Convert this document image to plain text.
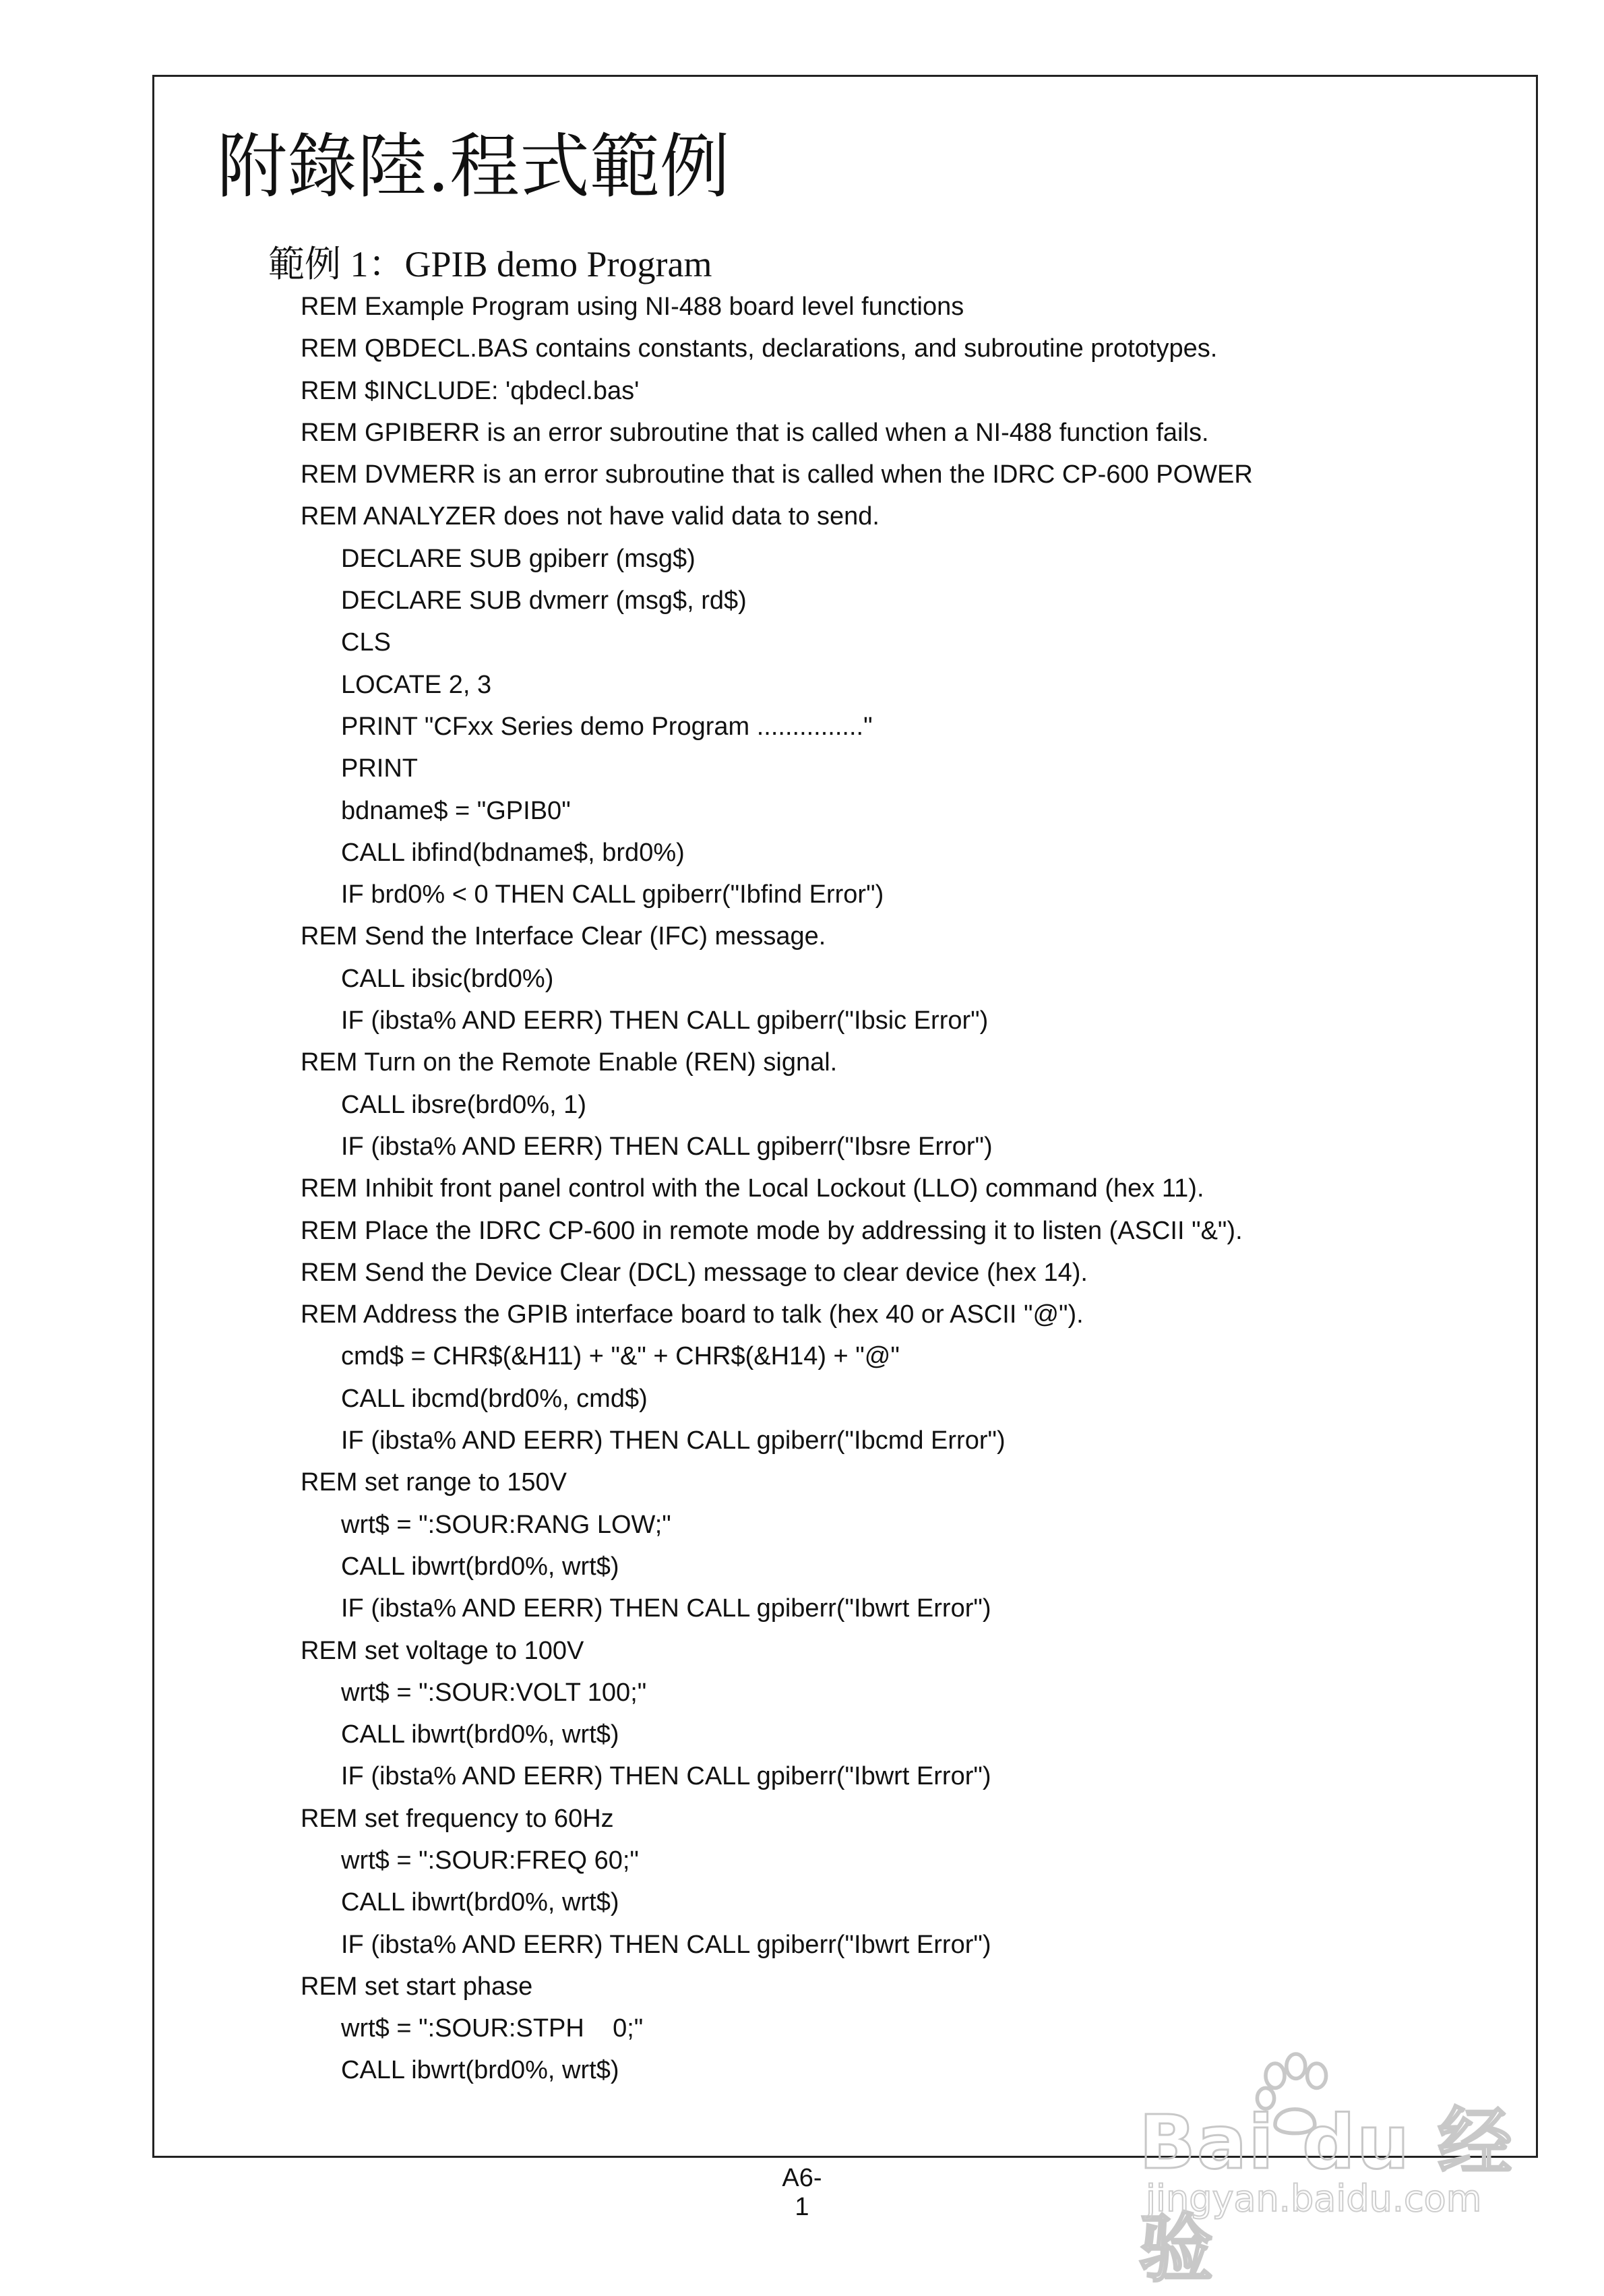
附錄陸.程式範例
範例 1：GPIB demo Program
REM Example Program using NI-488 board level functions
REM QBDECL.BAS contains constants, declarations, and subroutine prototypes.
REM $INCLUDE: 'qbdecl.bas'
REM GPIBERR is an error subroutine that is called when a NI-488 function fails.
REM DVMERR is an error subroutine that is called when the IDRC CP-600 POWER
REM ANALYZER does not have valid data to send.
DECLARE SUB gpiberr (msg$)
DECLARE SUB dvmerr (msg$, rd$)
CLS
LOCATE 2, 3
PRINT "CFxx Series demo Program ..............."
PRINT
bdname$ = "GPIB0"
CALL ibfind(bdname$, brd0%)
IF brd0% < 0 THEN CALL gpiberr("Ibfind Error")
REM Send the Interface Clear (IFC) message.
CALL ibsic(brd0%)
IF (ibsta% AND EERR) THEN CALL gpiberr("Ibsic Error")
REM Turn on the Remote Enable (REN) signal.
CALL ibsre(brd0%, 1)
IF (ibsta% AND EERR) THEN CALL gpiberr("Ibsre Error")
REM Inhibit front panel control with the Local Lockout (LLO) command (hex 11).
REM Place the IDRC CP-600 in remote mode by addressing it to listen (ASCII "&").
REM Send the Device Clear (DCL) message to clear device (hex 14).
REM Address the GPIB interface board to talk (hex 40 or ASCII "@").
cmd$ = CHR$(&H11) + "&" + CHR$(&H14) + "@"
CALL ibcmd(brd0%, cmd$)
IF (ibsta% AND EERR) THEN CALL gpiberr("Ibcmd Error")
REM set range to 150V
wrt$ = ":SOUR:RANG LOW;"
CALL ibwrt(brd0%, wrt$)
IF (ibsta% AND EERR) THEN CALL gpiberr("Ibwrt Error")
REM set voltage to 100V
wrt$ = ":SOUR:VOLT 100;"
CALL ibwrt(brd0%, wrt$)
IF (ibsta% AND EERR) THEN CALL gpiberr("Ibwrt Error")
REM set frequency to 60Hz
wrt$ = ":SOUR:FREQ 60;"
CALL ibwrt(brd0%, wrt$)
IF (ibsta% AND EERR) THEN CALL gpiberr("Ibwrt Error")
REM set start phase
wrt$ = ":SOUR:STPH    0;"
CALL ibwrt(brd0%, wrt$)
A6-1
Bai du 经验
jingyan.baidu.com
